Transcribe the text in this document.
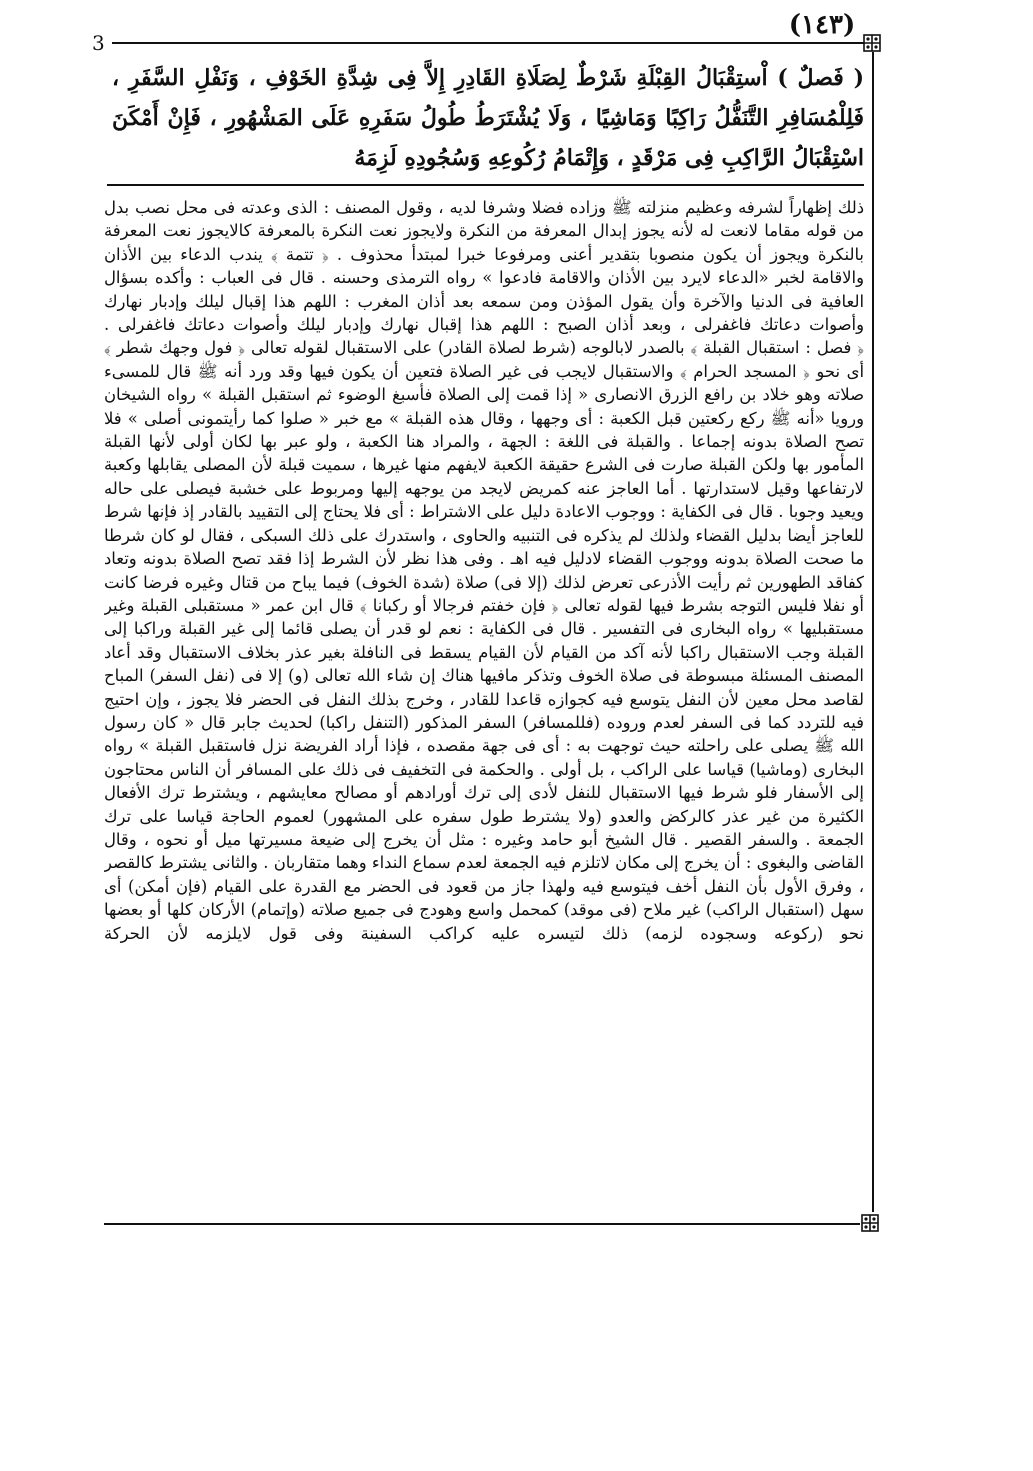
3
(١٤٣)
( فَصلٌ ) اْستِقْبَالُ القِبْلَةِ شَرْطٌ لِصَلَاةِ القَادِرِ إِلاَّ فِى شِدَّةِ الخَوْفِ ، وَنَفْلِ السَّفَرِ ، فَلِلْمُسَافِرِ التَّنَفُّلُ رَاكِبًا وَمَاشِيًا ، وَلَا يُشْتَرَطُ طُولُ سَفَرِهِ عَلَى المَشْهُورِ ، فَإِنْ أَمْكَنَ اسْتِقْبَالُ الرَّاكِبِ فِى مَرْقَدٍ ، وَإِتْمَامُ رُكُوعِهِ وَسُجُودِهِ لَزِمَهُ

ذلك إظهاراً لشرفه وعظيم منزلته ﷺ وزاده فضلا وشرفا لديه ، وقول المصنف : الذى وعدته فى محل نصب بدل من قوله مقاما لانعت له لأنه يجوز إبدال المعرفة من النكرة ولايجوز نعت النكرة بالمعرفة كالايجوز نعت المعرفة بالنكرة ويجوز أن يكون منصوبا بتقدير أعنى ومرفوعا خبرا لمبتدأ محذوف . ﴿ تتمة ﴾ يندب الدعاء بين الأذان والاقامة لخبر «الدعاء لايرد بين الأذان والاقامة فادعوا » رواه الترمذى وحسنه . قال فى العباب : وأكده بسؤال العافية فى الدنيا والآخرة وأن يقول المؤذن ومن سمعه بعد أذان المغرب : اللهم هذا إقبال ليلك وإدبار نهارك وأصوات دعاتك فاغفرلى ، وبعد أذان الصبح : اللهم هذا إقبال نهارك وإدبار ليلك وأصوات دعاتك فاغفرلى .

﴿ فصل : استقبال القبلة ﴾ بالصدر لابالوجه (شرط لصلاة القادر) على الاستقبال لقوله تعالى ﴿ فول وجهك شطر ﴾ أى نحو ﴿ المسجد الحرام ﴾ والاستقبال لايجب فى غير الصلاة فتعين أن يكون فيها وقد ورد أنه ﷺ قال للمسىء صلاته وهو خلاد بن رافع الزرق الانصارى « إذا قمت إلى الصلاة فأسبغ الوضوء ثم استقبل القبلة » رواه الشيخان ورويا «أنه ﷺ ركع ركعتين قبل الكعبة : أى وجهها ، وقال هذه القبلة » مع خبر « صلوا كما رأيتمونى أصلى » فلا تصح الصلاة بدونه إجماعا . والقبلة فى اللغة : الجهة ، والمراد هنا الكعبة ، ولو عبر بها لكان أولى لأنها القبلة المأمور بها ولكن القبلة صارت فى الشرع حقيقة الكعبة لايفهم منها غيرها ، سميت قبلة لأن المصلى يقابلها وكعبة لارتفاعها وقيل لاستدارتها . أما العاجز عنه كمريض لايجد من يوجهه إليها ومربوط على خشبة فيصلى على حاله ويعيد وجوبا . قال فى الكفاية : ووجوب الاعادة دليل على الاشتراط : أى فلا يحتاج إلى التقييد بالقادر إذ فإنها شرط للعاجز أيضا بدليل القضاء ولذلك لم يذكره فى التنبيه والحاوى ، واستدرك على ذلك السبكى ، فقال لو كان شرطا ما صحت الصلاة بدونه ووجوب القضاء لادليل فيه اهـ . وفى هذا نظر لأن الشرط إذا فقد تصح الصلاة بدونه وتعاد كفاقد الطهورين ثم رأيت الأذرعى تعرض لذلك (إلا فى) صلاة (شدة الخوف) فيما يباح من قتال وغيره فرضا كانت أو نفلا فليس التوجه بشرط فيها لقوله تعالى ﴿ فإن خفتم فرجالا أو ركبانا ﴾ قال ابن عمر « مستقبلى القبلة وغير مستقبليها » رواه البخارى فى التفسير . قال فى الكفاية : نعم لو قدر أن يصلى قائما إلى غير القبلة وراكبا إلى القبلة وجب الاستقبال راكبا لأنه آكد من القيام لأن القيام يسقط فى النافلة بغير عذر بخلاف الاستقبال وقد أعاد المصنف المسئلة مبسوطة فى صلاة الخوف وتذكر مافيها هناك إن شاء الله تعالى (و) إلا فى (نفل السفر) المباح لقاصد محل معين لأن النفل يتوسع فيه كجوازه قاعدا للقادر ، وخرج بذلك النفل فى الحضر فلا يجوز ، وإن احتيج فيه للتردد كما فى السفر لعدم وروده (فللمسافر) السفر المذكور (التنفل راكبا) لحديث جابر قال « كان رسول الله ﷺ يصلى على راحلته حيث توجهت به : أى فى جهة مقصده ، فإذا أراد الفريضة نزل فاستقبل القبلة » رواه البخارى (وماشيا) قياسا على الراكب ، بل أولى . والحكمة فى التخفيف فى ذلك على المسافر أن الناس محتاجون إلى الأسفار فلو شرط فيها الاستقبال للنفل لأدى إلى ترك أورادهم أو مصالح معايشهم ، ويشترط ترك الأفعال الكثيرة من غير عذر كالركض والعدو (ولا يشترط طول سفره على المشهور) لعموم الحاجة قياسا على ترك الجمعة . والسفر القصير . قال الشيخ أبو حامد وغيره : مثل أن يخرج إلى ضيعة مسيرتها ميل أو نحوه ، وقال القاضى والبغوى : أن يخرج إلى مكان لاتلزم فيه الجمعة لعدم سماع النداء وهما متقاربان . والثانى يشترط كالقصر ، وفرق الأول بأن النفل أخف فيتوسع فيه ولهذا جاز من قعود فى الحضر مع القدرة على القيام (فإن أمكن) أى سهل (استقبال الراكب) غير ملاح (فى موقد) كمحمل واسع وهودج فى جميع صلاته (وإتمام) الأركان كلها أو بعضها نحو (ركوعه وسجوده لزمه) ذلك لتيسره عليه كراكب السفينة وفى قول لايلزمه لأن الحركة
